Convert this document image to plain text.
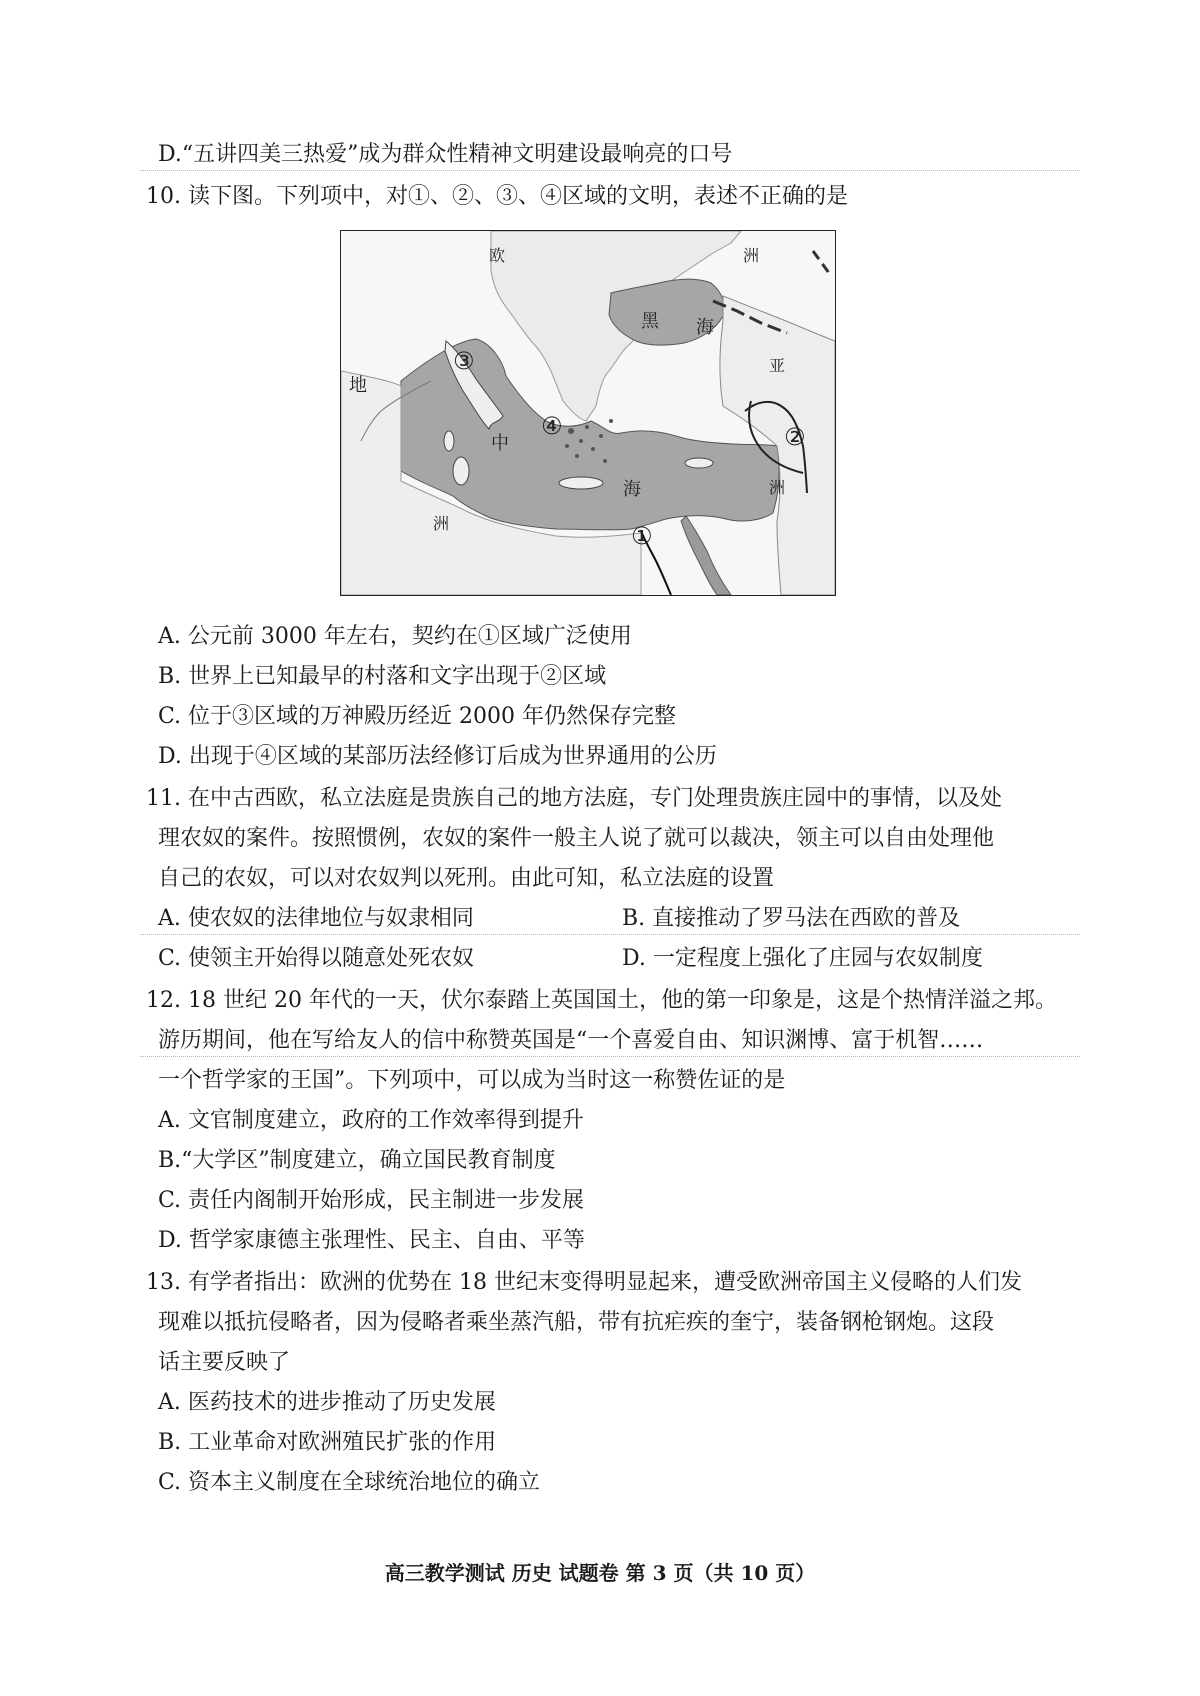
D.“五讲四美三热爱”成为群众性精神文明建设最响亮的口号
10. 读下图。下列项中，对①、②、③、④区域的文明，表述不正确的是
欧	洲
黑 海
亚
洲
地
洲
中
海
①
②
③
④
A. 公元前 3000 年左右，契约在①区域广泛使用
B. 世界上已知最早的村落和文字出现于②区域
C. 位于③区域的万神殿历经近 2000 年仍然保存完整
D. 出现于④区域的某部历法经修订后成为世界通用的公历
11. 在中古西欧，私立法庭是贵族自己的地方法庭，专门处理贵族庄园中的事情，以及处
理农奴的案件。按照惯例，农奴的案件一般主人说了就可以裁决，领主可以自由处理他
自己的农奴，可以对农奴判以死刑。由此可知，私立法庭的设置
A. 使农奴的法律地位与奴隶相同	B. 直接推动了罗马法在西欧的普及
C. 使领主开始得以随意处死农奴	D. 一定程度上强化了庄园与农奴制度
12. 18 世纪 20 年代的一天，伏尔泰踏上英国国土，他的第一印象是，这是个热情洋溢之邦。
游历期间，他在写给友人的信中称赞英国是“一个喜爱自由、知识渊博、富于机智……
一个哲学家的王国”。下列项中，可以成为当时这一称赞佐证的是
A. 文官制度建立，政府的工作效率得到提升
B.“大学区”制度建立，确立国民教育制度
C. 责任内阁制开始形成，民主制进一步发展
D. 哲学家康德主张理性、民主、自由、平等
13. 有学者指出：欧洲的优势在 18 世纪末变得明显起来，遭受欧洲帝国主义侵略的人们发
现难以抵抗侵略者，因为侵略者乘坐蒸汽船，带有抗疟疾的奎宁，装备钢枪钢炮。这段
话主要反映了
A. 医药技术的进步推动了历史发展
B. 工业革命对欧洲殖民扩张的作用
C. 资本主义制度在全球统治地位的确立
高三教学测试 历史 试题卷 第 3 页（共 10 页）
